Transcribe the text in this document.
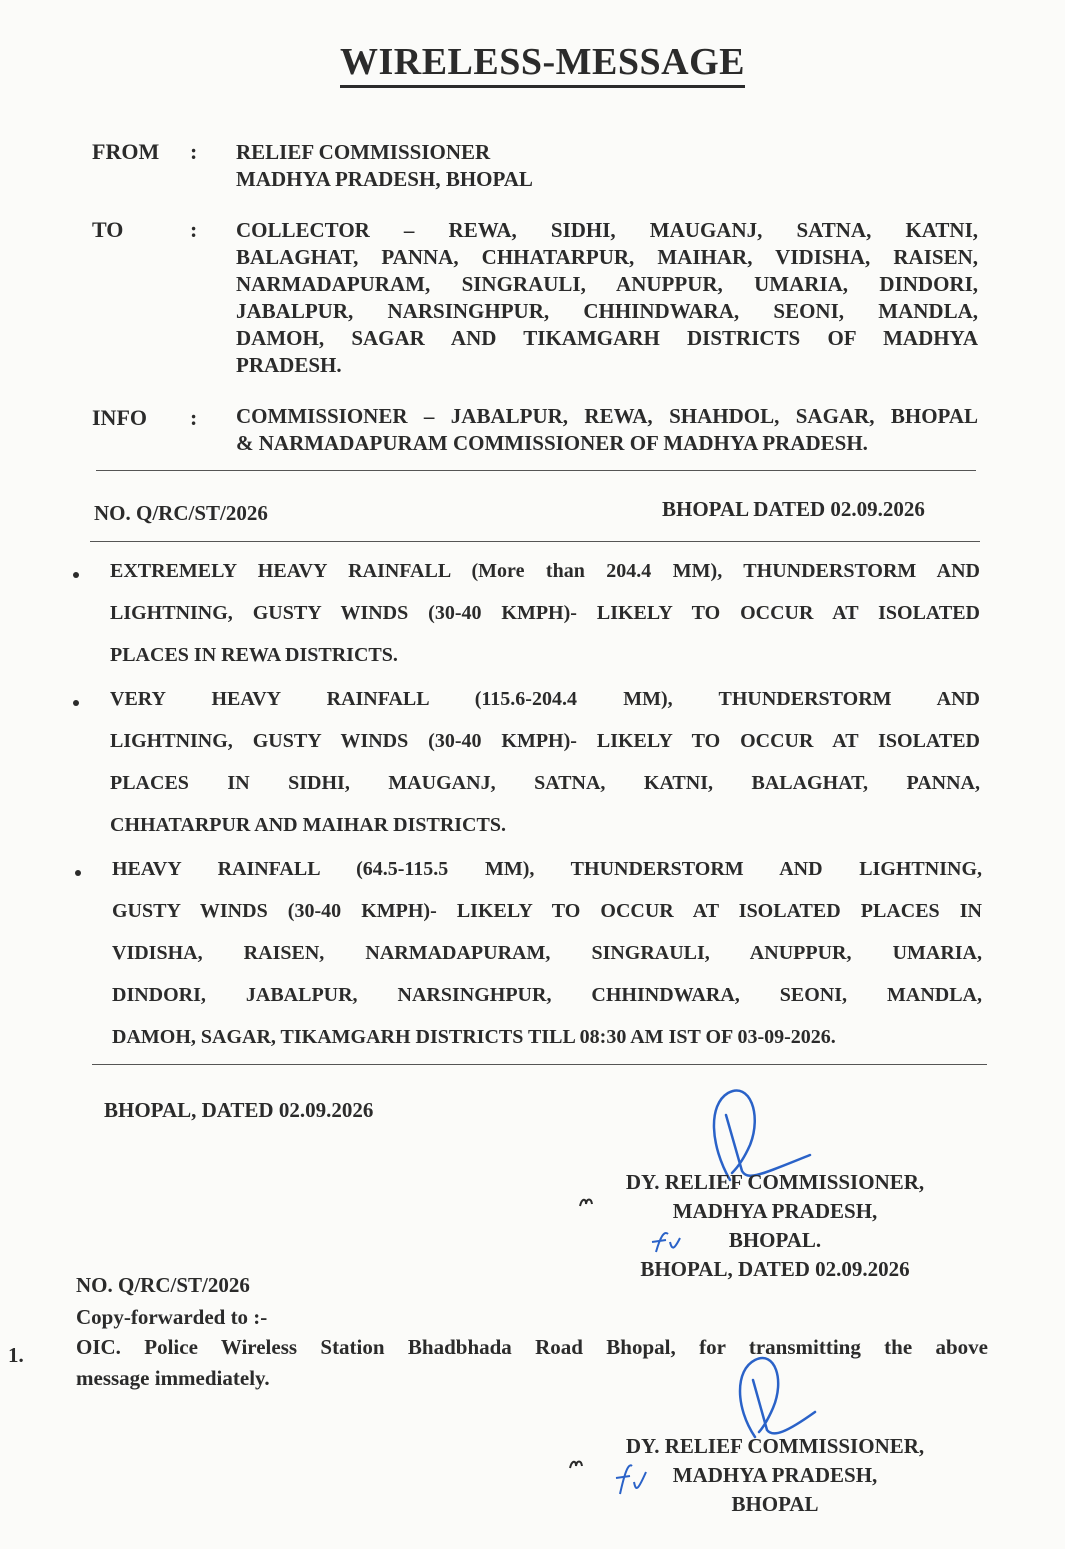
WIRELESS-MESSAGE
FROM : RELIEF COMMISSIONER
MADHYA PRADESH, BHOPAL
TO	: COLLECTOR – REWA, SIDHI, MAUGANJ, SATNA, KATNI,
BALAGHAT, PANNA, CHHATARPUR, MAIHAR, VIDISHA, RAISEN,
NARMADAPURAM, SINGRAULI, ANUPPUR, UMARIA, DINDORI,
JABALPUR, NARSINGHPUR, CHHINDWARA, SEONI, MANDLA,
DAMOH, SAGAR AND TIKAMGARH DISTRICTS OF MADHYA
PRADESH.
INFO : COMMISSIONER – JABALPUR, REWA, SHAHDOL, SAGAR, BHOPAL
& NARMADAPURAM COMMISSIONER OF MADHYA PRADESH.
NO. Q/RC/ST/2026	BHOPAL DATED 02.09.2026
EXTREMELY HEAVY RAINFALL (More than 204.4 MM), THUNDERSTORM AND
LIGHTNING, GUSTY WINDS (30-40 KMPH)- LIKELY TO OCCUR AT ISOLATED
PLACES IN REWA DISTRICTS.
VERY HEAVY RAINFALL (115.6-204.4 MM), THUNDERSTORM AND
LIGHTNING, GUSTY WINDS (30-40 KMPH)- LIKELY TO OCCUR AT ISOLATED
PLACES IN SIDHI, MAUGANJ, SATNA, KATNI, BALAGHAT, PANNA,
CHHATARPUR AND MAIHAR DISTRICTS.
HEAVY RAINFALL (64.5-115.5 MM), THUNDERSTORM AND LIGHTNING,
GUSTY WINDS (30-40 KMPH)- LIKELY TO OCCUR AT ISOLATED PLACES IN
VIDISHA, RAISEN, NARMADAPURAM, SINGRAULI, ANUPPUR, UMARIA,
DINDORI, JABALPUR, NARSINGHPUR, CHHINDWARA, SEONI, MANDLA,
DAMOH, SAGAR, TIKAMGARH DISTRICTS TILL 08:30 AM IST OF 03-09-2026.
BHOPAL, DATED 02.09.2026
DY. RELIEF COMMISSIONER,
MADHYA PRADESH,
BHOPAL.
BHOPAL, DATED 02.09.2026
NO. Q/RC/ST/2026
Copy-forwarded to :-
1. OIC. Police Wireless Station Bhadbhada Road Bhopal, for transmitting the above
message immediately.
DY. RELIEF COMMISSIONER,
MADHYA PRADESH,
BHOPAL
